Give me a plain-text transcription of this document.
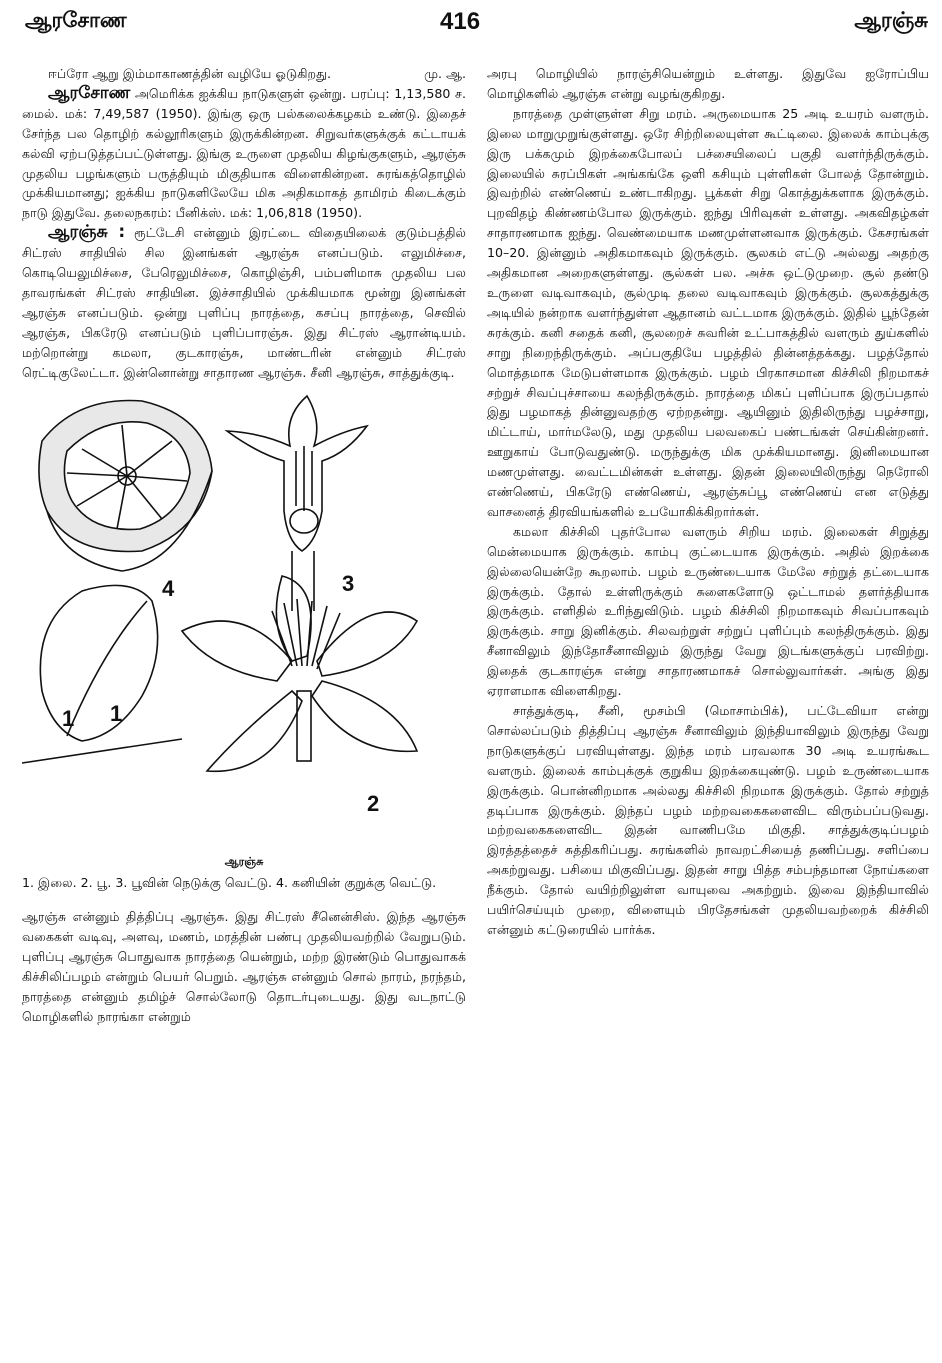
ஆரசோண	416	ஆரஞ்சு

ஈப்ரோ ஆறு இம்மாகாணத்தின் வழியே ஓடுகிறது.	மு. ஆ.

ஆரசோண அமெரிக்க ஐக்கிய நாடுகளுள் ஒன்று. பரப்பு: 1,13,580 ச. மைல். மக்: 7,49,587 (1950). இங்கு ஒரு பல்கலைக்கழகம் உண்டு. இதைச் சேர்ந்த பல தொழிற் கல்லூரிகளும் இருக்கின்றன. சிறுவர்களுக்குக் கட்டாயக் கல்வி ஏற்படுத்தப்பட்டுள்ளது. இங்கு உருளை முதலிய கிழங்குகளும், ஆரஞ்சு முதலிய பழங்களும் பருத்தியும் மிகுதியாக விளைகின்றன. சுரங்கத்தொழில் முக்கியமானது; ஐக்கிய நாடுகளிலேயே மிக அதிகமாகத் தாமிரம் கிடைக்கும் நாடு இதுவே. தலைநகரம்: பீனிக்ஸ். மக்: 1,06,818 (1950).

ஆரஞ்சு : ரூட்டேசி என்னும் இரட்டை விதையிலைக் குடும்பத்தில் சிட்ரஸ் சாதியில் சில இனங்கள் ஆரஞ்சு எனப்படும். எலுமிச்சை, கொடியெலுமிச்சை, பேரெலுமிச்சை, கொழிஞ்சி, பம்பளிமாசு முதலிய பல தாவரங்கள் சிட்ரஸ் சாதியின. இச்சாதியில் முக்கியமாக மூன்று இனங்கள் ஆரஞ்சு எனப்படும். ஒன்று புளிப்பு நாரத்தை, கசப்பு நாரத்தை, செவில் ஆரஞ்சு, பிகரேடு எனப்படும் புளிப்பாரஞ்சு. இது சிட்ரஸ் ஆரான்டியம். மற்றொன்று கமலா, குடகாரஞ்சு, மாண்டரின் என்னும் சிட்ரஸ் ரெட்டிகுலேட்டா. இன்னொன்று சாதாரண ஆரஞ்சு. சீனி ஆரஞ்சு, சாத்துக்குடி.

1 1
2
3
4
ஆரஞ்சு
1. இலை. 2. பூ. 3. பூவின் நெடுக்கு வெட்டு. 4. கனியின் குறுக்கு வெட்டு.

ஆரஞ்சு என்னும் தித்திப்பு ஆரஞ்சு. இது சிட்ரஸ் சீனென்சிஸ். இந்த ஆரஞ்சு வகைகள் வடிவு, அளவு, மணம், மரத்தின் பண்பு முதலியவற்றில் வேறுபடும். புளிப்பு ஆரஞ்சு பொதுவாக நாரத்தை யென்றும், மற்ற இரண்டும் பொதுவாகக் கிச்சிலிப்பழம் என்றும் பெயர் பெறும். ஆரஞ்சு என்னும் சொல் நாரம், நரந்தம், நாரத்தை என்னும் தமிழ்ச் சொல்லோடு தொடர்புடையது. இது வடநாட்டு மொழிகளில் நாரங்கா என்றும்

அரபு மொழியில் நாரஞ்சியென்றும் உள்ளது. இதுவே ஐரோப்பிய மொழிகளில் ஆரஞ்சு என்று வழங்குகிறது.

நாரத்தை முள்ளுள்ள சிறு மரம். அருமையாக 25 அடி உயரம் வளரும். இலை மாறுமுறுங்குள்ளது. ஒரே சிற்றிலையுள்ள கூட்டிலை. இலைக் காம்புக்கு இரு பக்கமும் இறக்கைபோலப் பச்சையிலைப் பகுதி வளர்ந்திருக்கும். இலையில் சுரப்பிகள் அங்கங்கே ஒளி கசியும் புள்ளிகள் போலத் தோன்றும். இவற்றில் எண்ணெய் உண்டாகிறது. பூக்கள் சிறு கொத்துக்களாக இருக்கும். புறவிதழ் கிண்ணம்போல இருக்கும். ஐந்து பிரிவுகள் உள்ளது. அகவிதழ்கள் சாதாரணமாக ஐந்து. வெண்மையாக மணமுள்ளனவாக இருக்கும். கேசரங்கள் 10–20. இன்னும் அதிகமாகவும் இருக்கும். சூலகம் எட்டு அல்லது அதற்கு அதிகமான அறைகளுள்ளது. சூல்கள் பல. அச்சு ஒட்டுமுறை. சூல் தண்டு உருளை வடிவாகவும், சூல்முடி தலை வடிவாகவும் இருக்கும். சூலகத்துக்கு அடியில் நன்றாக வளர்ந்துள்ள ஆதானம் வட்டமாக இருக்கும். இதில் பூந்தேன் சுரக்கும். கனி சதைக் கனி, சூலறைச் சுவரின் உட்பாகத்தில் வளரும் துய்களில் சாறு நிறைந்திருக்கும். அப்பகுதியே பழத்தில் தின்னத்தக்கது. பழத்தோல் மொத்தமாக மேடுபள்ளமாக இருக்கும். பழம் பிரகாசமான கிச்சிலி நிறமாகச் சற்றுச் சிவப்புச்சாயை கலந்திருக்கும். நாரத்தை மிகப் புளிப்பாக இருப்பதால் இது பழமாகத் தின்னுவதற்கு ஏற்றதன்று. ஆயினும் இதிலிருந்து பழச்சாறு, மிட்டாய், மார்மலேடு, மது முதலிய பலவகைப் பண்டங்கள் செய்கின்றனர். ஊறுகாய் போடுவதுண்டு. மருந்துக்கு மிக முக்கியமானது. இனிமையான மணமுள்ளது. வைட்டமின்கள் உள்ளது. இதன் இலையிலிருந்து நெரோலி எண்ணெய், பிகரேடு எண்ணெய், ஆரஞ்சுப்பூ எண்ணெய் என எடுத்து வாசனைத் திரவியங்களில் உபயோகிக்கிறார்கள்.

கமலா கிச்சிலி புதர்போல வளரும் சிறிய மரம். இலைகள் சிறுத்து மென்மையாக இருக்கும். காம்பு குட்டையாக இருக்கும். அதில் இறக்கை இல்லையென்றே கூறலாம். பழம் உருண்டையாக மேலே சற்றுத் தட்டையாக இருக்கும். தோல் உள்ளிருக்கும் சுளைகளோடு ஒட்டாமல் தளர்த்தியாக இருக்கும். எளிதில் உரிந்துவிடும். பழம் கிச்சிலி நிறமாகவும் சிவப்பாகவும் இருக்கும். சாறு இனிக்கும். சிலவற்றுள் சற்றுப் புளிப்பும் கலந்திருக்கும். இது சீனாவிலும் இந்தோசீனாவிலும் இருந்து வேறு இடங்களுக்குப் பரவிற்று. இதைக் குடகாரஞ்சு என்று சாதாரணமாகச் சொல்லுவார்கள். அங்கு இது ஏராளமாக விளைகிறது.

சாத்துக்குடி, சீனி, மூசம்பி (மொசாம்பிக்), பட்டேவியா என்று சொல்லப்படும் தித்திப்பு ஆரஞ்சு சீனாவிலும் இந்தியாவிலும் இருந்து வேறு நாடுகளுக்குப் பரவியுள்ளது. இந்த மரம் பரவலாக 30 அடி உயரங்கூட வளரும். இலைக் காம்புக்குக் குறுகிய இறக்கையுண்டு. பழம் உருண்டையாக இருக்கும். பொன்னிறமாக அல்லது கிச்சிலி நிறமாக இருக்கும். தோல் சற்றுத் தடிப்பாக இருக்கும். இந்தப் பழம் மற்றவகைகளைவிட விரும்பப்படுவது. மற்றவகைகளைவிட இதன் வாணிபமே மிகுதி. சாத்துக்குடிப்பழம் இரத்தத்தைச் சுத்திகரிப்பது. சுரங்களில் நாவறட்சியைத் தணிப்பது. சளிப்பை அகற்றுவது. பசியை மிகுவிப்பது. இதன் சாறு பித்த சம்பந்தமான நோய்களை நீக்கும். தோல் வயிற்றிலுள்ள வாயுவை அகற்றும். இவை இந்தியாவில் பயிர்செய்யும் முறை, விளையும் பிரதேசங்கள் முதலியவற்றைக் கிச்சிலி என்னும் கட்டுரையில் பார்க்க.
